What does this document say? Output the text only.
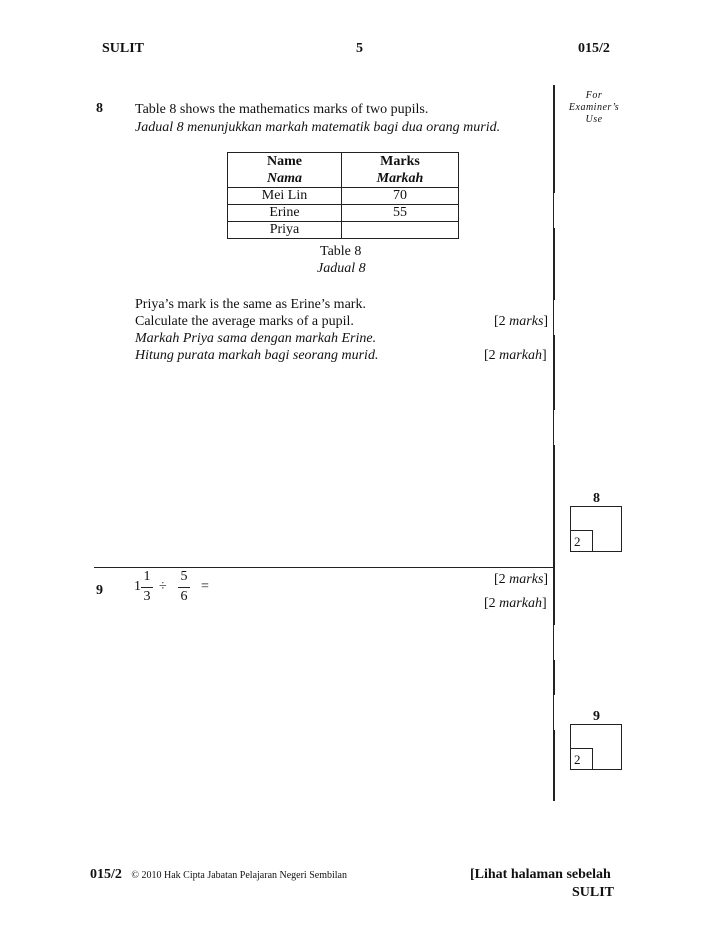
SULIT	5	015/2
For
Examiner’s
Use
8 Table 8 shows the mathematics marks of two pupils.
Jadual 8 menunjukkan markah matematik bagi dua orang murid.
Name	Marks
Nama	Markah
Mei Lin	70
Erine	55
Priya	
Table 8
Jadual 8
Priya’s mark is the same as Erine’s mark.
Calculate the average marks of a pupil.
Markah Priya sama dengan markah Erine.
Hitung purata markah bagi seorang murid.
[2 marks]
[2 markah]
8
2
9 1
1
3
÷
5
6
=	[2 marks]
[2 markah]
9
2
015/2 © 2010 Hak Cipta Jabatan Pelajaran Negeri Sembilan	[Lihat halaman sebelah
SULIT
